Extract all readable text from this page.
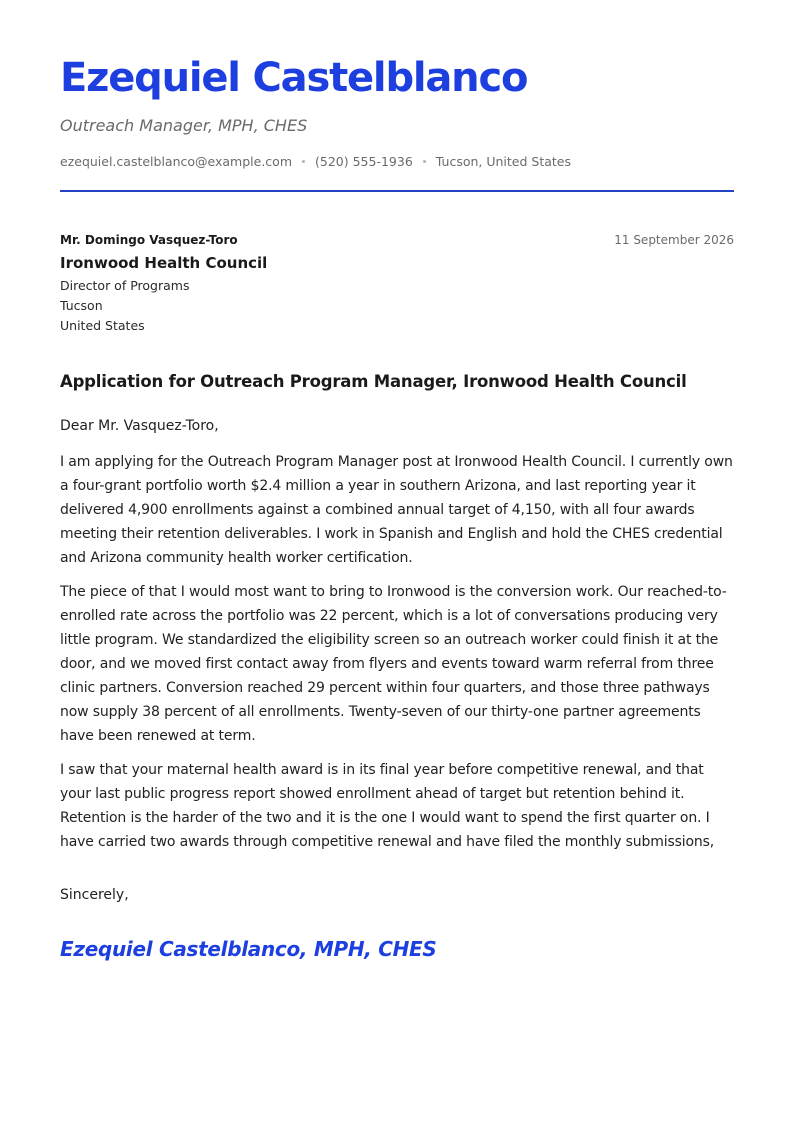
Ezequiel Castelblanco
Outreach Manager, MPH, CHES
ezequiel.castelblanco@example.com (520) 555-1936 Tucson, United States
Mr. Domingo Vasquez-Toro	11 September 2026
Ironwood Health Council
Director of Programs
Tucson
United States
Application for Outreach Program Manager, Ironwood Health Council
Dear Mr. Vasquez-Toro,

I am applying for the Outreach Program Manager post at Ironwood Health Council. I currently own a four-grant portfolio worth $2.4 million a year in southern Arizona, and last reporting year it delivered 4,900 enrollments against a combined annual target of 4,150, with all four awards meeting their retention deliverables. I work in Spanish and English and hold the CHES credential and Arizona community health worker certification.

The piece of that I would most want to bring to Ironwood is the conversion work. Our reached-to-enrolled rate across the portfolio was 22 percent, which is a lot of conversations producing very little program. We standardized the eligibility screen so an outreach worker could finish it at the door, and we moved first contact away from flyers and events toward warm referral from three clinic partners. Conversion reached 29 percent within four quarters, and those three pathways now supply 38 percent of all enrollments. Twenty-seven of our thirty-one partner agreements have been renewed at term.

I saw that your maternal health award is in its final year before competitive renewal, and that your last public progress report showed enrollment ahead of target but retention behind it. Retention is the harder of the two and it is the one I would want to spend the first quarter on. I have carried two awards through competitive renewal and have filed the monthly submissions,

Sincerely,
Ezequiel Castelblanco, MPH, CHES
